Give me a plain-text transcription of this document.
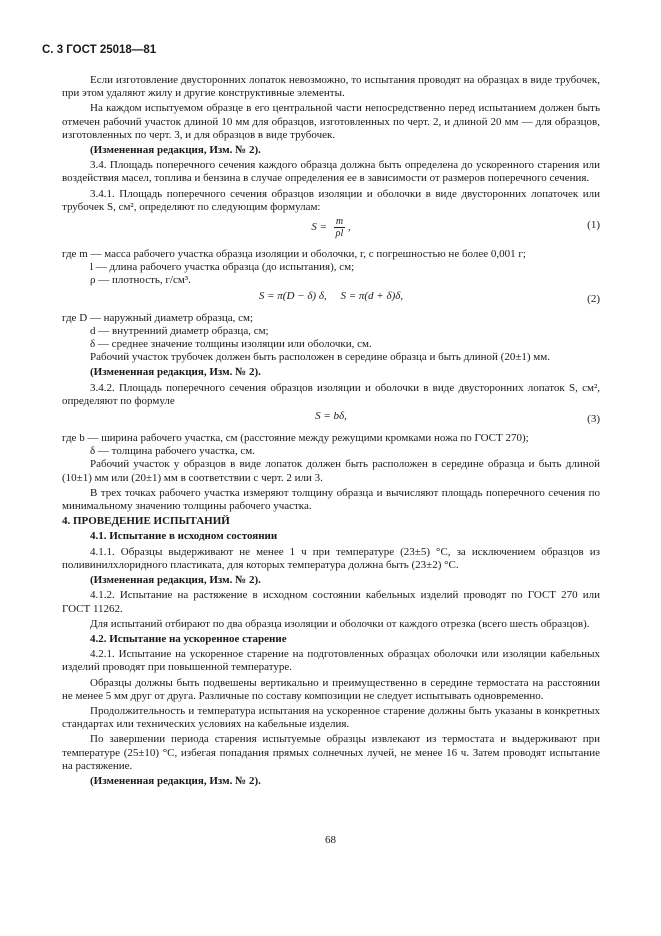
С. 3 ГОСТ 25018—81

Если изготовление двусторонних лопаток невозможно, то испытания проводят на образцах в виде трубочек, при этом удаляют жилу и другие конструктивные элементы.

На каждом испытуемом образце в его центральной части непосредственно перед испытанием должен быть отмечен рабочий участок длиной 10 мм для образцов, изготовленных по черт. 2, и длиной 20 мм — для образцов, изготовленных по черт. 3, и для образцов в виде трубочек.

(Измененная редакция, Изм. № 2).

3.4. Площадь поперечного сечения каждого образца должна быть определена до ускоренного старения или воздействия масел, топлива и бензина в случае определения ее в зависимости от размеров поперечного сечения.

3.4.1. Площадь поперечного сечения образцов изоляции и оболочки в виде двусторонних лопаточек или трубочек S, см², определяют по следующим формулам:

$S = \frac{m}{\rho l}$ ,	(1)

где m — масса рабочего участка образца изоляции и оболочки, г, с погрешностью не более 0,001 г;

l — длина рабочего участка образца (до испытания), см;

ρ — плотность, г/см³.

S = π(D − δ) δ,     S = π(d + δ)δ,	(2)

где D — наружный диаметр образца, см;

d — внутренний диаметр образца, см;

δ — среднее значение толщины изоляции или оболочки, см.

Рабочий участок трубочек должен быть расположен в середине образца и быть длиной (20±1) мм.

(Измененная редакция, Изм. № 2).

3.4.2. Площадь поперечного сечения образцов изоляции и оболочки в виде двусторонних лопаток S, см², определяют по формуле

S = bδ,	(3)

где b — ширина рабочего участка, см (расстояние между режущими кромками ножа по ГОСТ 270);

δ — толщина рабочего участка, см.

Рабочий участок у образцов в виде лопаток должен быть расположен в середине образца и быть длиной (10±1) мм или (20±1) мм в соответствии с черт. 2 или 3.

В трех точках рабочего участка измеряют толщину образца и вычисляют площадь поперечного сечения по минимальному значению толщины рабочего участка.

4. ПРОВЕДЕНИЕ ИСПЫТАНИЙ

4.1. Испытание в исходном состоянии

4.1.1. Образцы выдерживают не менее 1 ч при температуре (23±5) °С, за исключением образцов из поливинилхлоридного пластиката, для которых температура должна быть (23±2) °С.

(Измененная редакция, Изм. № 2).

4.1.2. Испытание на растяжение в исходном состоянии кабельных изделий проводят по ГОСТ 270 или ГОСТ 11262.

Для испытаний отбирают по два образца изоляции и оболочки от каждого отрезка (всего шесть образцов).

4.2. Испытание на ускоренное старение

4.2.1. Испытание на ускоренное старение на подготовленных образцах оболочки или изоляции кабельных изделий проводят при повышенной температуре.

Образцы должны быть подвешены вертикально и преимущественно в середине термостата на расстоянии не менее 5 мм друг от друга. Различные по составу композиции не следует испытывать одновременно.

Продолжительность и температура испытания на ускоренное старение должны быть указаны в конкретных стандартах или технических условиях на кабельные изделия.

По завершении периода старения испытуемые образцы извлекают из термостата и выдерживают при температуре (25±10) °С, избегая попадания прямых солнечных лучей, не менее 16 ч. Затем проводят испытание на растяжение.

(Измененная редакция, Изм. № 2).

68
